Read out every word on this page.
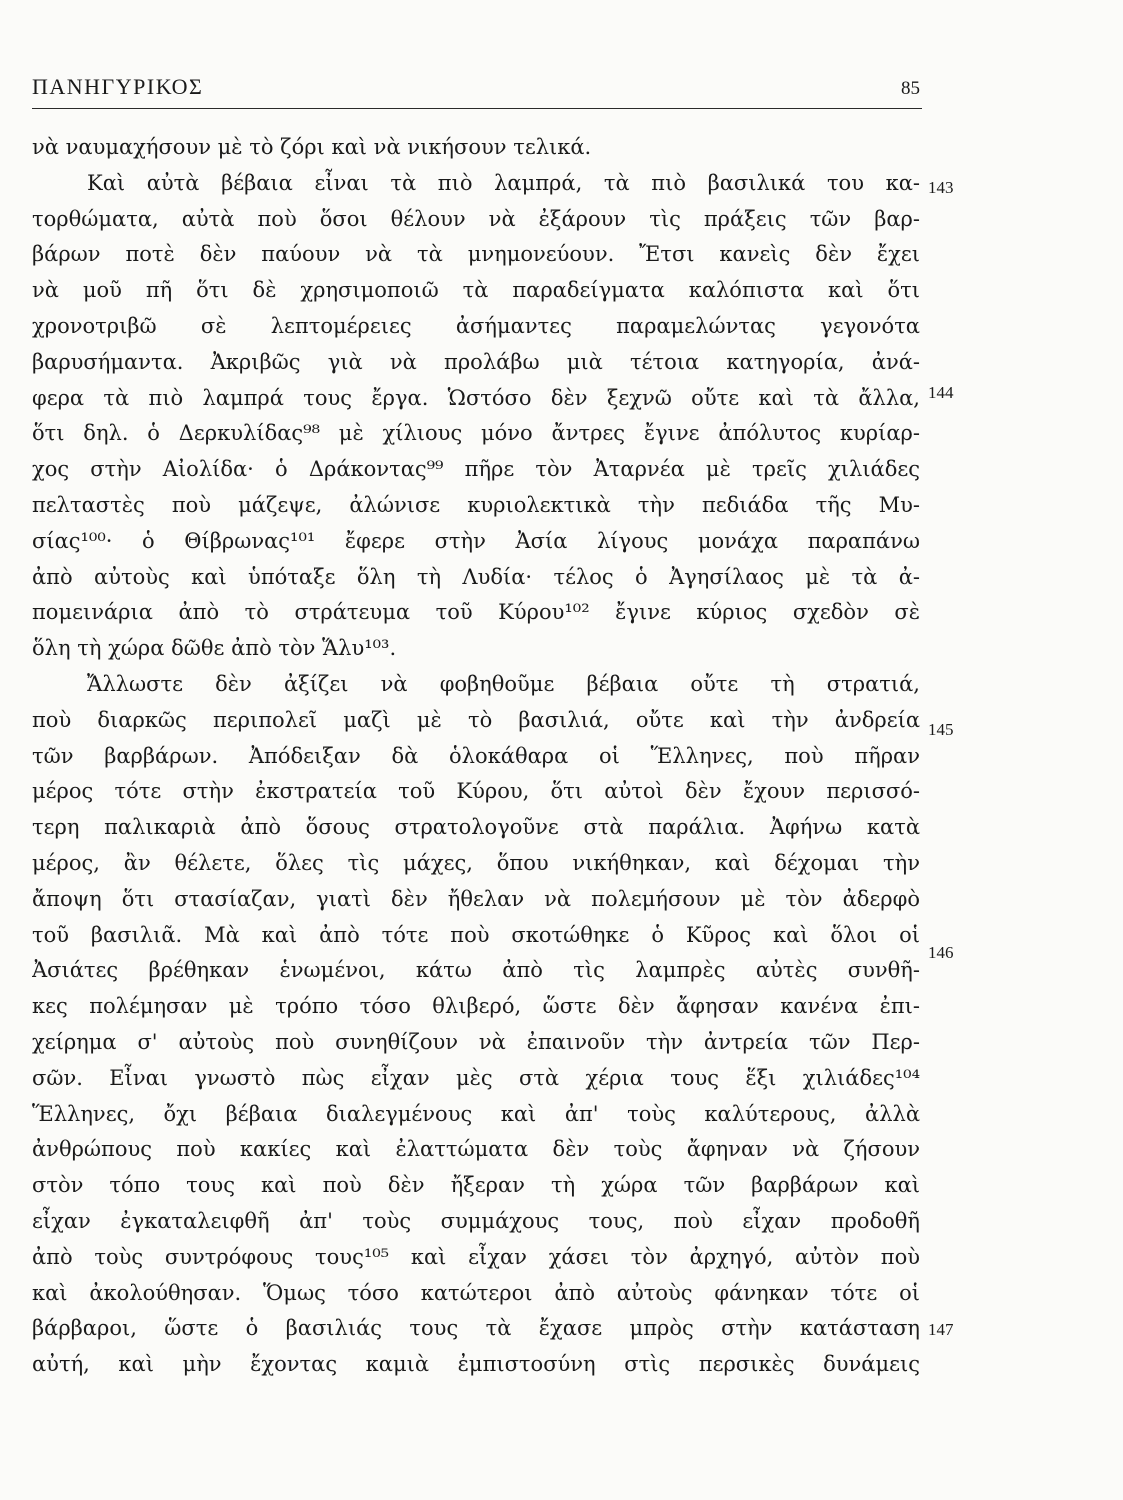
ΠΑΝΗΓΥΡΙΚΟΣ	85
νὰ ναυμαχήσουν μὲ τὸ ζόρι καὶ νὰ νικήσουν τελικά.
Καὶ αὐτὰ βέβαια εἶναι τὰ πιὸ λαμπρά, τὰ πιὸ βασιλικά του κα-
τορθώματα, αὐτὰ ποὺ ὅσοι θέλουν νὰ ἐξάρουν τὶς πράξεις τῶν βαρ-
βάρων ποτὲ δὲν παύουν νὰ τὰ μνημονεύουν. Ἔτσι κανεὶς δὲν ἔχει
νὰ μοῦ πῆ ὅτι δὲ χρησιμοποιῶ τὰ παραδείγματα καλόπιστα καὶ ὅτι
χρονοτριβῶ σὲ λεπτομέρειες ἀσήμαντες παραμελώντας γεγονότα
βαρυσήμαντα. Ἀκριβῶς γιὰ νὰ προλάβω μιὰ τέτοια κατηγορία, ἀνά-
φερα τὰ πιὸ λαμπρά τους ἔργα. Ὡστόσο δὲν ξεχνῶ οὔτε καὶ τὰ ἄλλα,
ὅτι δηλ. ὁ Δερκυλίδας⁹⁸ μὲ χίλιους μόνο ἄντρες ἔγινε ἀπόλυτος κυρίαρ-
χος στὴν Αἰολίδα· ὁ Δράκοντας⁹⁹ πῆρε τὸν Ἀταρνέα μὲ τρεῖς χιλιάδες
πελταστὲς ποὺ μάζεψε, ἀλώνισε κυριολεκτικὰ τὴν πεδιάδα τῆς Μυ-
σίας¹⁰⁰· ὁ Θίβρωνας¹⁰¹ ἔφερε στὴν Ἀσία λίγους μονάχα παραπάνω
ἀπὸ αὐτοὺς καὶ ὑπόταξε ὅλη τὴ Λυδία· τέλος ὁ Ἀγησίλαος μὲ τὰ ἀ-
πομεινάρια ἀπὸ τὸ στράτευμα τοῦ Κύρου¹⁰² ἔγινε κύριος σχεδὸν σὲ
ὅλη τὴ χώρα δῶθε ἀπὸ τὸν Ἅλυ¹⁰³.
Ἄλλωστε δὲν ἀξίζει νὰ φοβηθοῦμε βέβαια οὔτε τὴ στρατιά,
ποὺ διαρκῶς περιπολεῖ μαζὶ μὲ τὸ βασιλιά, οὔτε καὶ τὴν ἀνδρεία
τῶν βαρβάρων. Ἀπόδειξαν δὰ ὁλοκάθαρα οἱ Ἕλληνες, ποὺ πῆραν
μέρος τότε στὴν ἐκστρατεία τοῦ Κύρου, ὅτι αὐτοὶ δὲν ἔχουν περισσό-
τερη παλικαριὰ ἀπὸ ὅσους στρατολογοῦνε στὰ παράλια. Ἀφήνω κατὰ
μέρος, ἂν θέλετε, ὅλες τὶς μάχες, ὅπου νικήθηκαν, καὶ δέχομαι τὴν
ἄποψη ὅτι στασίαζαν, γιατὶ δὲν ἤθελαν νὰ πολεμήσουν μὲ τὸν ἀδερφὸ
τοῦ βασιλιᾶ. Μὰ καὶ ἀπὸ τότε ποὺ σκοτώθηκε ὁ Κῦρος καὶ ὅλοι οἱ
Ἀσιάτες βρέθηκαν ἑνωμένοι, κάτω ἀπὸ τὶς λαμπρὲς αὐτὲς συνθῆ-
κες πολέμησαν μὲ τρόπο τόσο θλιβερό, ὥστε δὲν ἄφησαν κανένα ἐπι-
χείρημα σ' αὐτοὺς ποὺ συνηθίζουν νὰ ἐπαινοῦν τὴν ἀντρεία τῶν Περ-
σῶν. Εἶναι γνωστὸ πὼς εἶχαν μὲς στὰ χέρια τους ἕξι χιλιάδες¹⁰⁴
Ἕλληνες, ὄχι βέβαια διαλεγμένους καὶ ἀπ' τοὺς καλύτερους, ἀλλὰ
ἀνθρώπους ποὺ κακίες καὶ ἐλαττώματα δὲν τοὺς ἄφηναν νὰ ζήσουν
στὸν τόπο τους καὶ ποὺ δὲν ἤξεραν τὴ χώρα τῶν βαρβάρων καὶ
εἶχαν ἐγκαταλειφθῆ ἀπ' τοὺς συμμάχους τους, ποὺ εἶχαν προδοθῆ
ἀπὸ τοὺς συντρόφους τους¹⁰⁵ καὶ εἶχαν χάσει τὸν ἀρχηγό, αὐτὸν ποὺ
καὶ ἀκολούθησαν. Ὅμως τόσο κατώτεροι ἀπὸ αὐτοὺς φάνηκαν τότε οἱ
βάρβαροι, ὥστε ὁ βασιλιάς τους τὰ ἔχασε μπρὸς στὴν κατάσταση
αὐτή, καὶ μὴν ἔχοντας καμιὰ ἐμπιστοσύνη στὶς περσικὲς δυνάμεις
143
144
145
146
147
